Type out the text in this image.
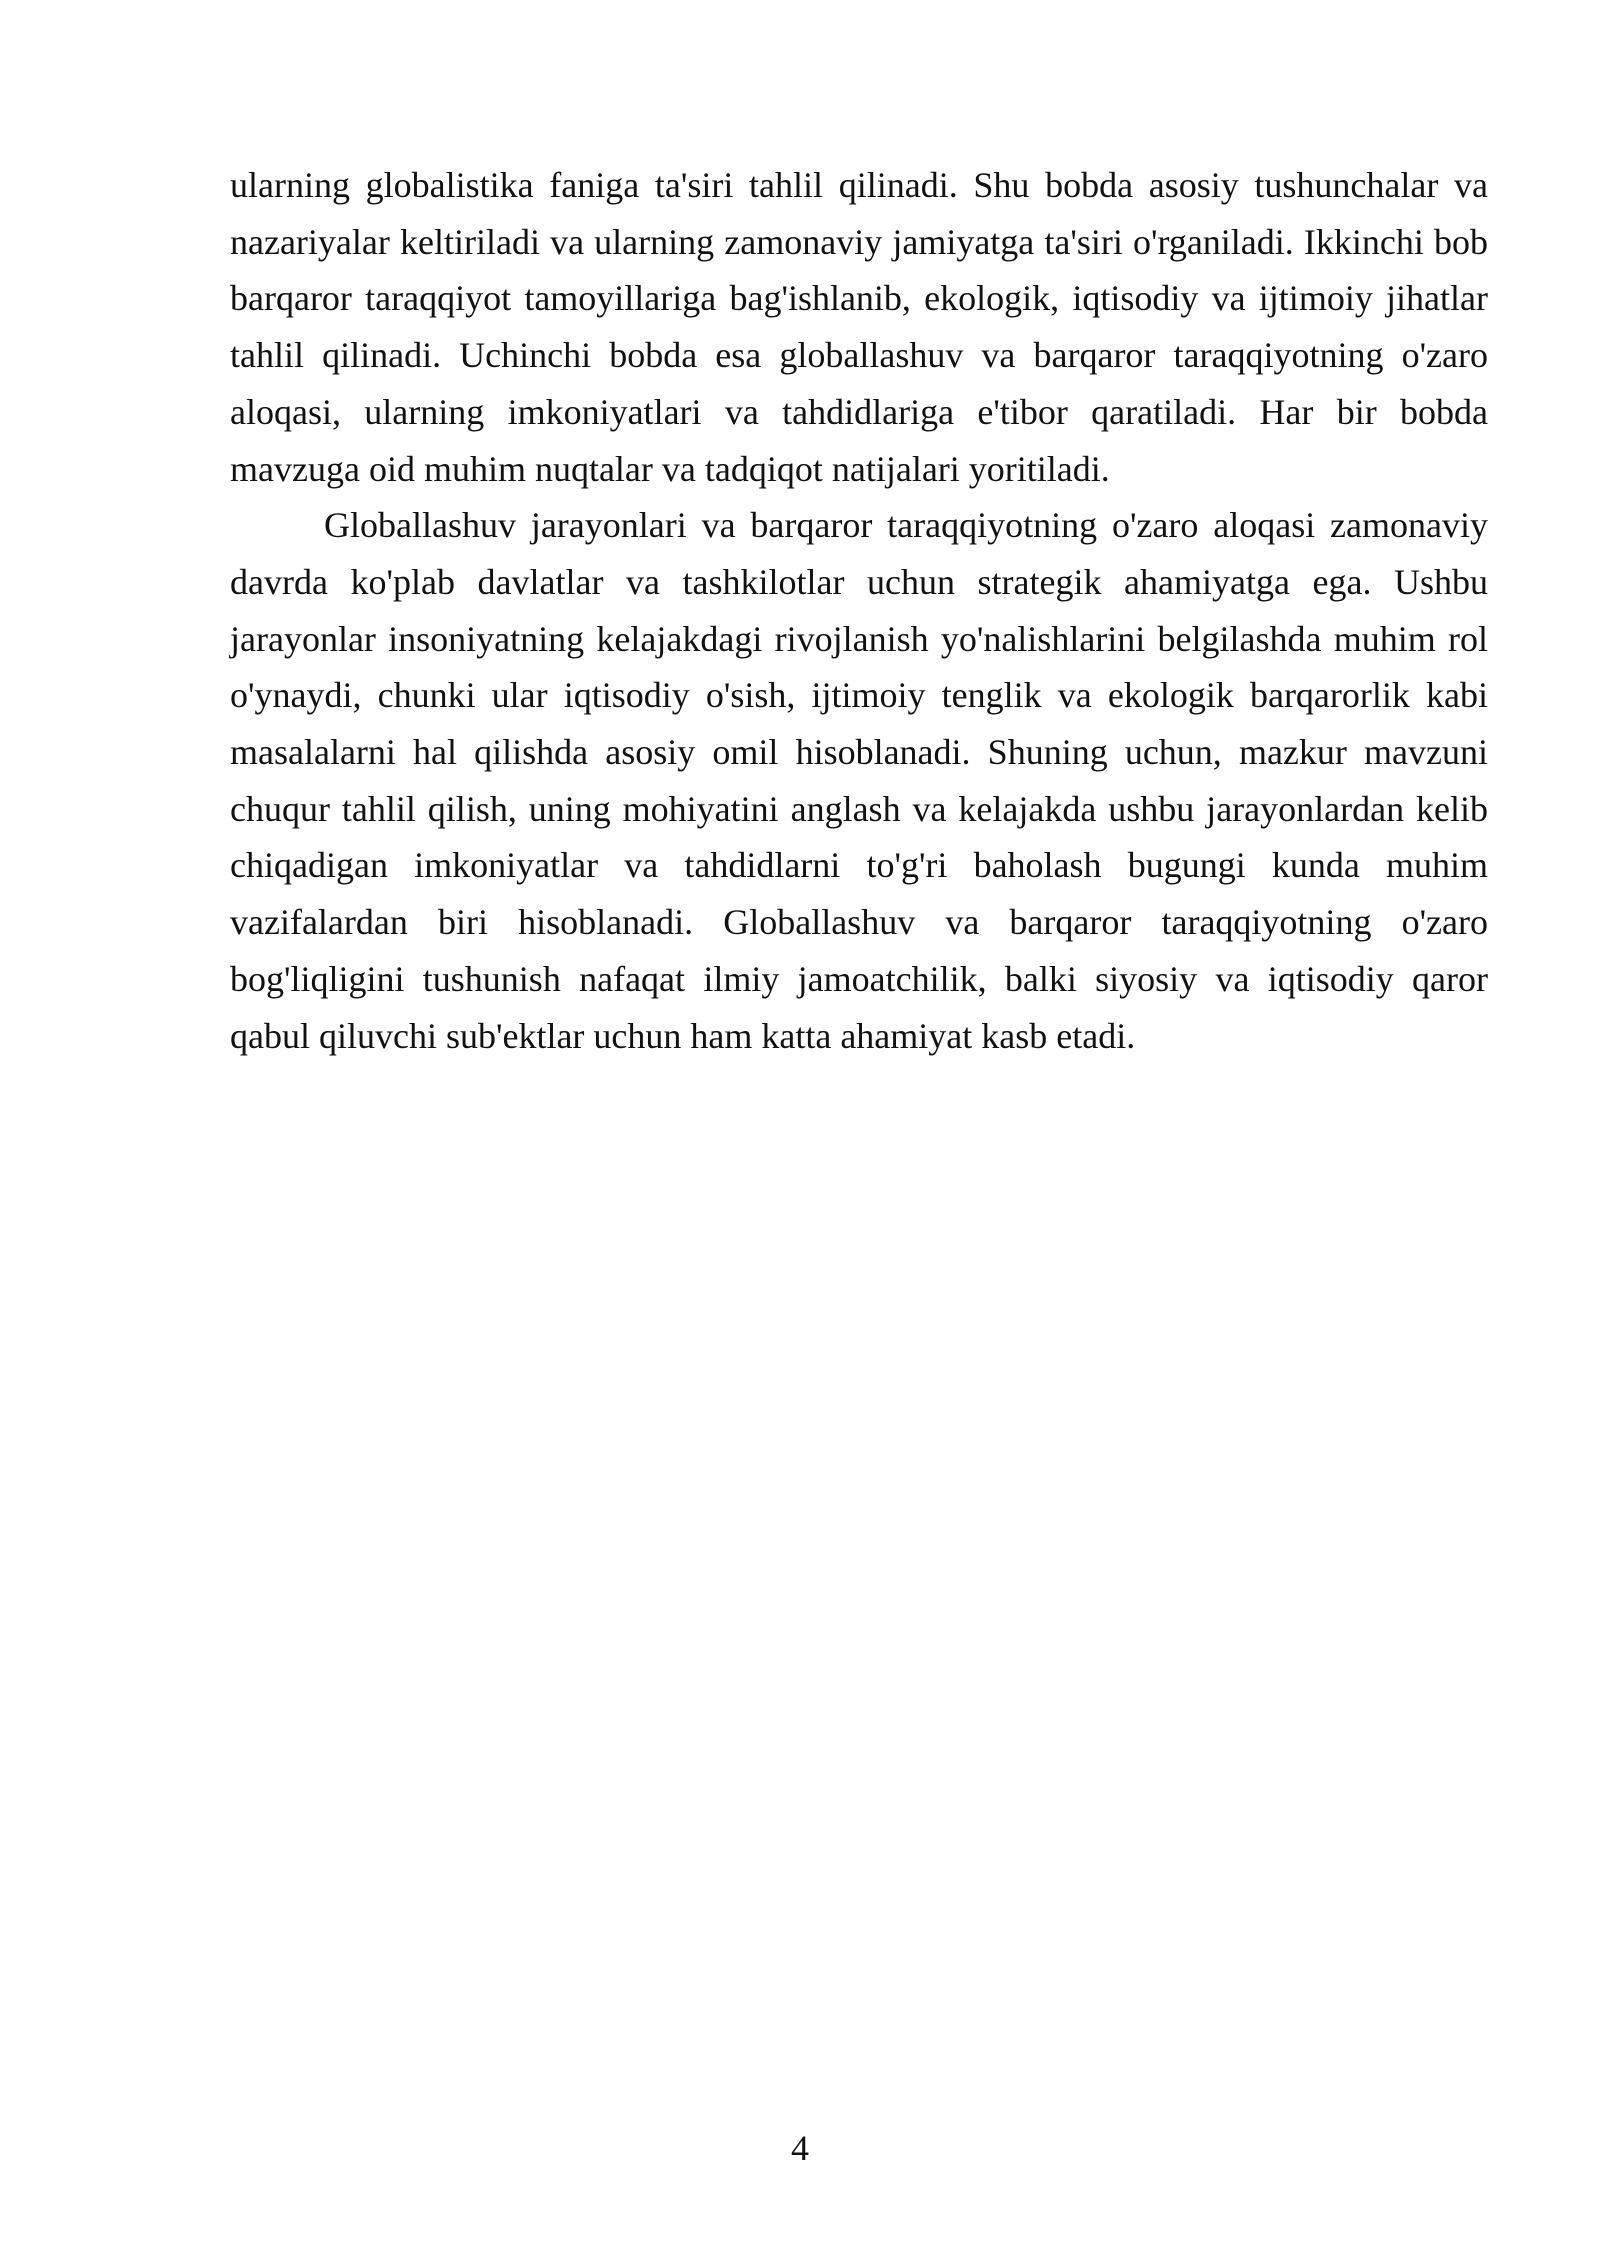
ularning globalistika faniga ta'siri tahlil qilinadi. Shu bobda asosiy tushunchalar va nazariyalar keltiriladi va ularning zamonaviy jamiyatga ta'siri o'rganiladi. Ikkinchi bob barqaror taraqqiyot tamoyillariga bag'ishlanib, ekologik, iqtisodiy va ijtimoiy jihatlar tahlil qilinadi. Uchinchi bobda esa globallashuv va barqaror taraqqiyotning o'zaro aloqasi, ularning imkoniyatlari va tahdidlariga e'tibor qaratiladi. Har bir bobda mavzuga oid muhim nuqtalar va tadqiqot natijalari yoritiladi.

Globallashuv jarayonlari va barqaror taraqqiyotning o'zaro aloqasi zamonaviy davrda ko'plab davlatlar va tashkilotlar uchun strategik ahamiyatga ega. Ushbu jarayonlar insoniyatning kelajakdagi rivojlanish yo'nalishlarini belgilashda muhim rol o'ynaydi, chunki ular iqtisodiy o'sish, ijtimoiy tenglik va ekologik barqarorlik kabi masalalarni hal qilishda asosiy omil hisoblanadi. Shuning uchun, mazkur mavzuni chuqur tahlil qilish, uning mohiyatini anglash va kelajakda ushbu jarayonlardan kelib chiqadigan imkoniyatlar va tahdidlarni to'g'ri baholash bugungi kunda muhim vazifalardan biri hisoblanadi. Globallashuv va barqaror taraqqiyotning o'zaro bog'liqligini tushunish nafaqat ilmiy jamoatchilik, balki siyosiy va iqtisodiy qaror qabul qiluvchi sub'ektlar uchun ham katta ahamiyat kasb etadi.

4
